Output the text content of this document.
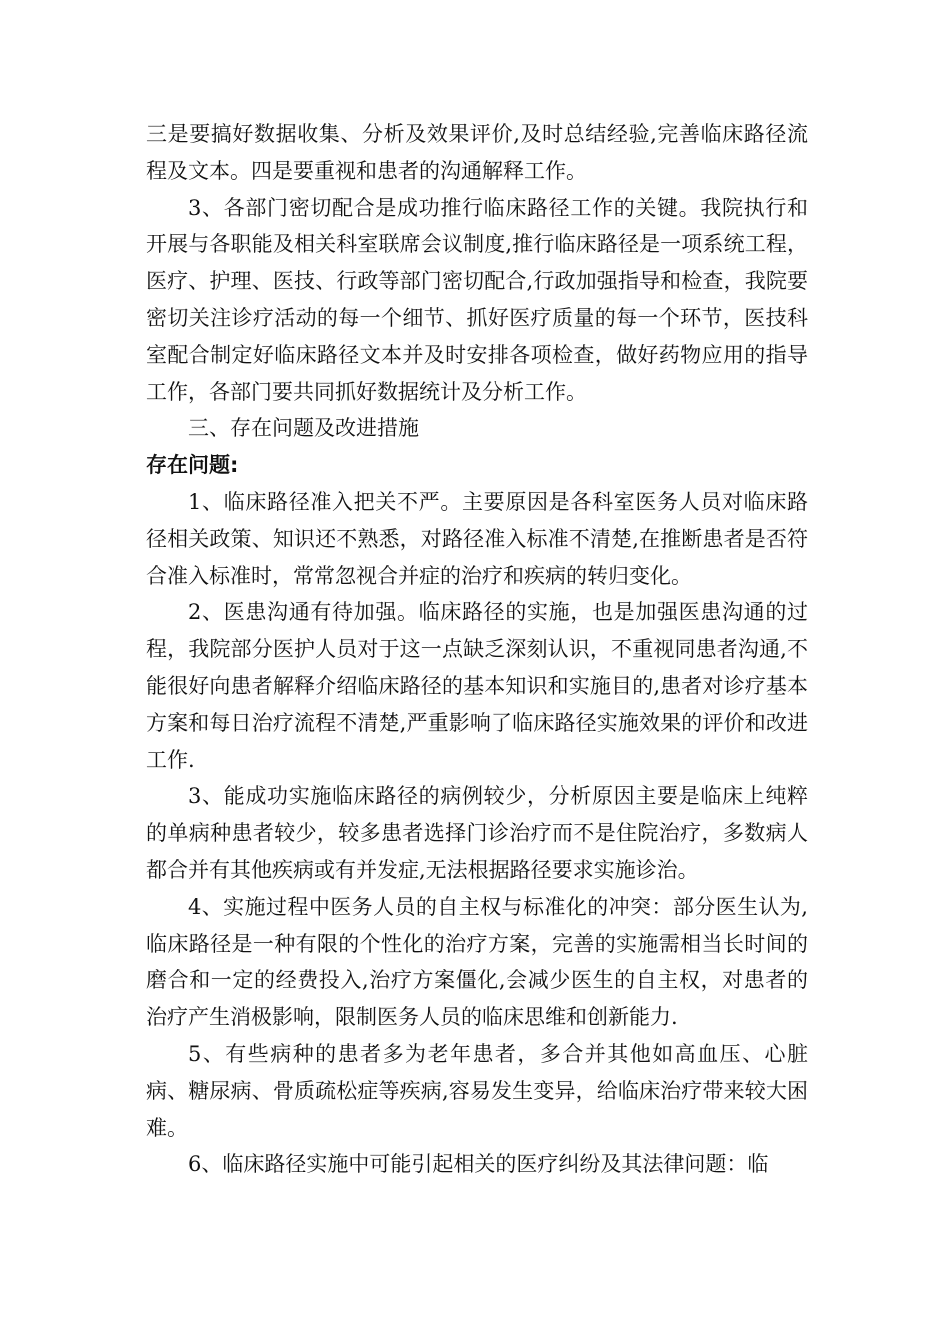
三是要搞好数据收集、分析及效果评价,及时总结经验,完善临床路径流程及文本。四是要重视和患者的沟通解释工作。

3、各部门密切配合是成功推行临床路径工作的关键。我院执行和开展与各职能及相关科室联席会议制度,推行临床路径是一项系统工程，医疗、护理、医技、行政等部门密切配合,行政加强指导和检查，我院要密切关注诊疗活动的每一个细节、抓好医疗质量的每一个环节，医技科室配合制定好临床路径文本并及时安排各项检查，做好药物应用的指导工作，各部门要共同抓好数据统计及分析工作。

三、存在问题及改进措施

存在问题:

1、临床路径准入把关不严。主要原因是各科室医务人员对临床路径相关政策、知识还不熟悉，对路径准入标准不清楚,在推断患者是否符合准入标准时，常常忽视合并症的治疗和疾病的转归变化。

2、医患沟通有待加强。临床路径的实施，也是加强医患沟通的过程，我院部分医护人员对于这一点缺乏深刻认识，不重视同患者沟通,不能很好向患者解释介绍临床路径的基本知识和实施目的,患者对诊疗基本方案和每日治疗流程不清楚,严重影响了临床路径实施效果的评价和改进工作.

3、能成功实施临床路径的病例较少，分析原因主要是临床上纯粹的单病种患者较少，较多患者选择门诊治疗而不是住院治疗，多数病人都合并有其他疾病或有并发症,无法根据路径要求实施诊治。

4、实施过程中医务人员的自主权与标准化的冲突：部分医生认为,临床路径是一种有限的个性化的治疗方案，完善的实施需相当长时间的磨合和一定的经费投入,治疗方案僵化,会减少医生的自主权，对患者的治疗产生消极影响，限制医务人员的临床思维和创新能力.

5、有些病种的患者多为老年患者，多合并其他如高血压、心脏病、糖尿病、骨质疏松症等疾病,容易发生变异，给临床治疗带来较大困难。

6、临床路径实施中可能引起相关的医疗纠纷及其法律问题：临
